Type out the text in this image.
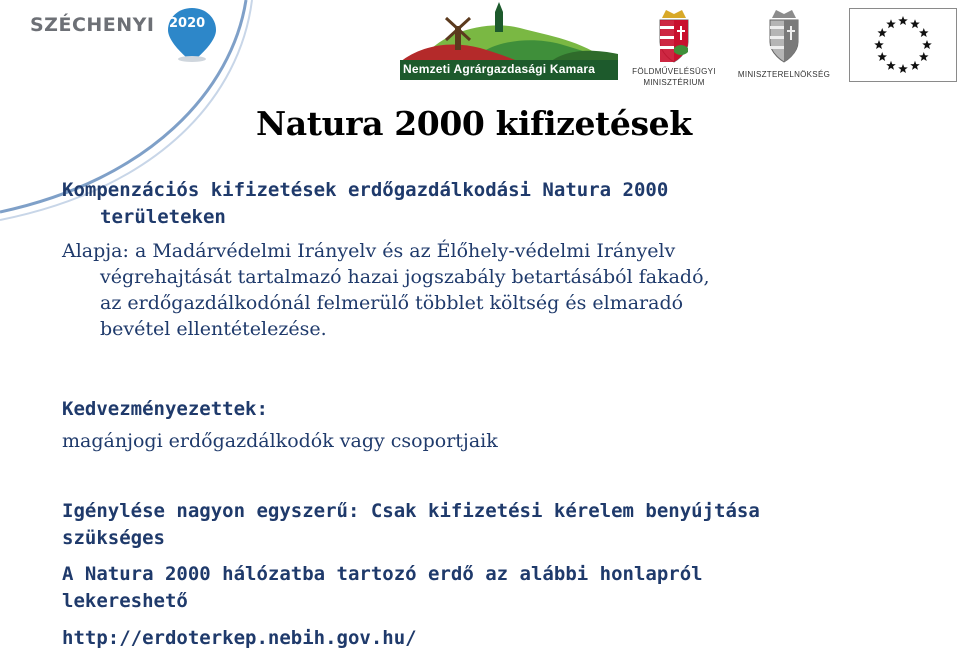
SZÉCHENYI 2020
Nemzeti Agrárgazdasági Kamara	FÖLDMŰVELÉSÜGYI
MINISZTÉRIUM
MINISZTERELNÖKSÉG
Natura 2000 kifizetések
Kompenzációs kifizetések erdőgazdálkodási Natura 2000
területeken
Alapja: a Madárvédelmi Irányelv és az Élőhely-védelmi Irányelv
végrehajtását tartalmazó hazai jogszabály betartásából fakadó,
az erdőgazdálkodónál felmerülő többlet költség és elmaradó
bevétel ellentételezése.
Kedvezményezettek:
magánjogi erdőgazdálkodók vagy csoportjaik
Igénylése nagyon egyszerű: Csak kifizetési kérelem benyújtása
szükséges
A Natura 2000 hálózatba tartozó erdő az alábbi honlapról
lekereshető
http://erdoterkep.nebih.gov.hu/
